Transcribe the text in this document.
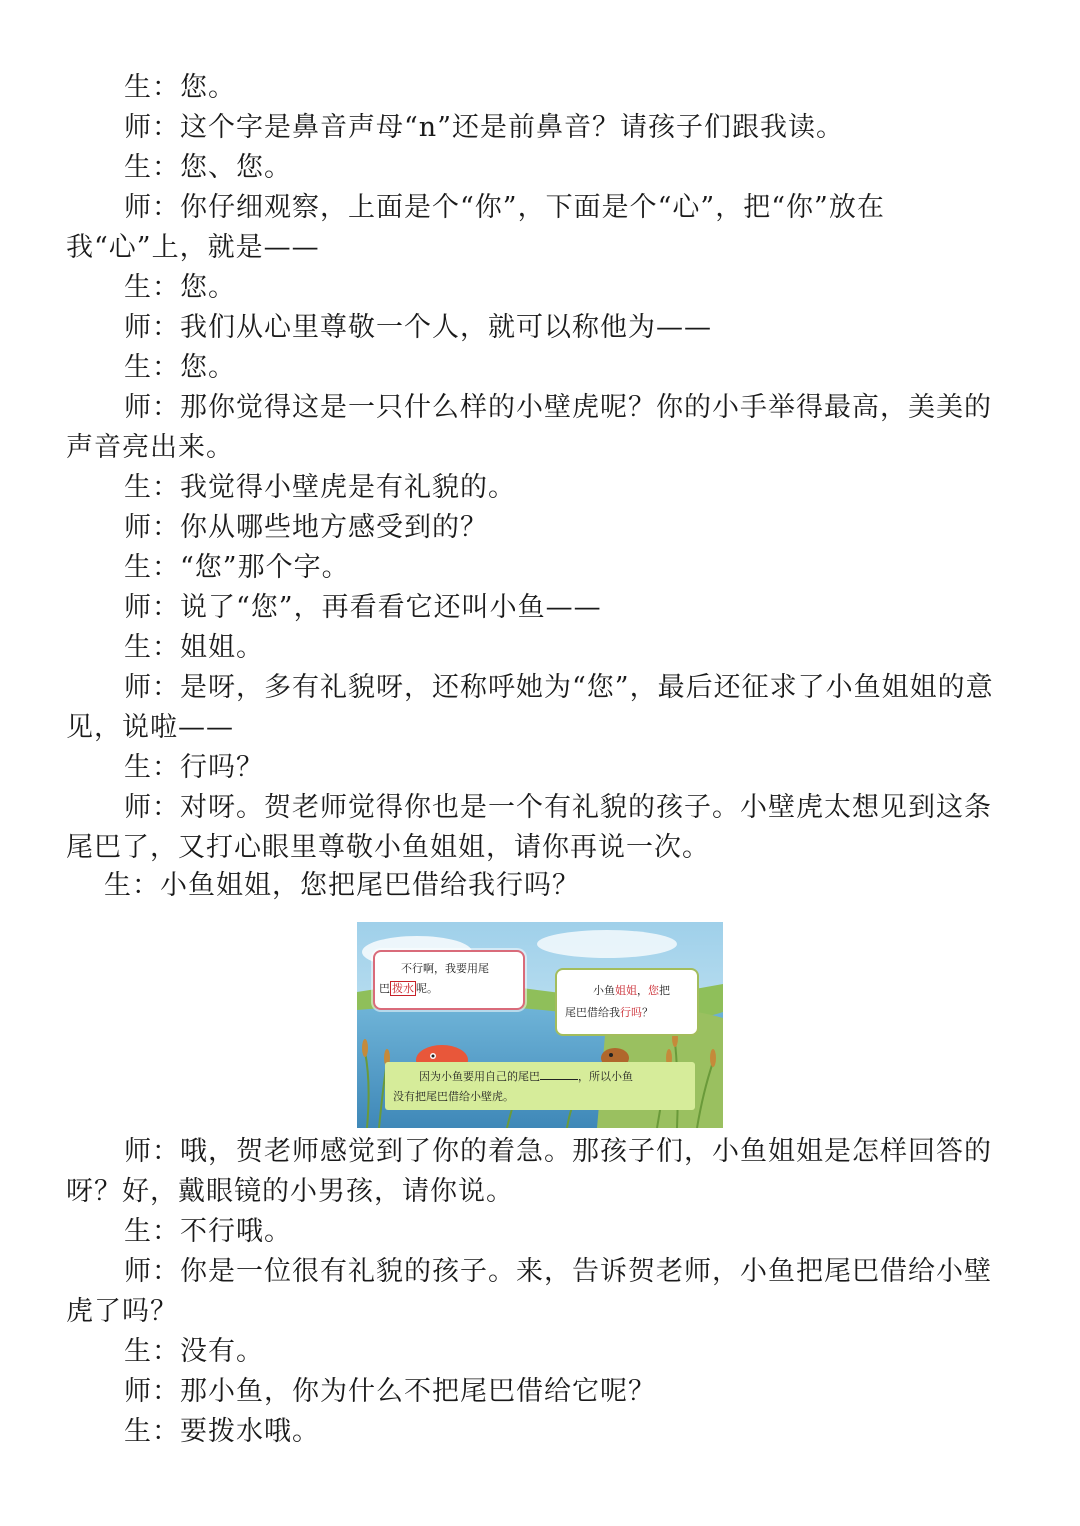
生：您。

师：这个字是鼻音声母“n”还是前鼻音？请孩子们跟我读。

生：您、您。

师：你仔细观察，上面是个“你”，下面是个“心”，把“你”放在我“心”上，就是——

生：您。

师：我们从心里尊敬一个人，就可以称他为——

生：您。

师：那你觉得这是一只什么样的小壁虎呢？你的小手举得最高，美美的声音亮出来。

生：我觉得小壁虎是有礼貌的。

师：你从哪些地方感受到的？

生：“您”那个字。

师：说了“您”，再看看它还叫小鱼——

生：姐姐。

师：是呀，多有礼貌呀，还称呼她为“您”，最后还征求了小鱼姐姐的意见，说啦——

生：行吗？

师：对呀。贺老师觉得你也是一个有礼貌的孩子。小壁虎太想见到这条尾巴了，又打心眼里尊敬小鱼姐姐，请你再说一次。

生：小鱼姐姐，您把尾巴借给我行吗？

不行啊，我要用尾
巴 拨水 呢。	小鱼姐姐，您把
尾巴借给我行吗？
因为小鱼要用自己的尾巴	，所以小鱼
没有把尾巴借给小壁虎。

师：哦，贺老师感觉到了你的着急。那孩子们，小鱼姐姐是怎样回答的呀？好，戴眼镜的小男孩，请你说。

生：不行哦。

师：你是一位很有礼貌的孩子。来，告诉贺老师，小鱼把尾巴借给小壁虎了吗？

生：没有。

师：那小鱼，你为什么不把尾巴借给它呢？

生：要拨水哦。
